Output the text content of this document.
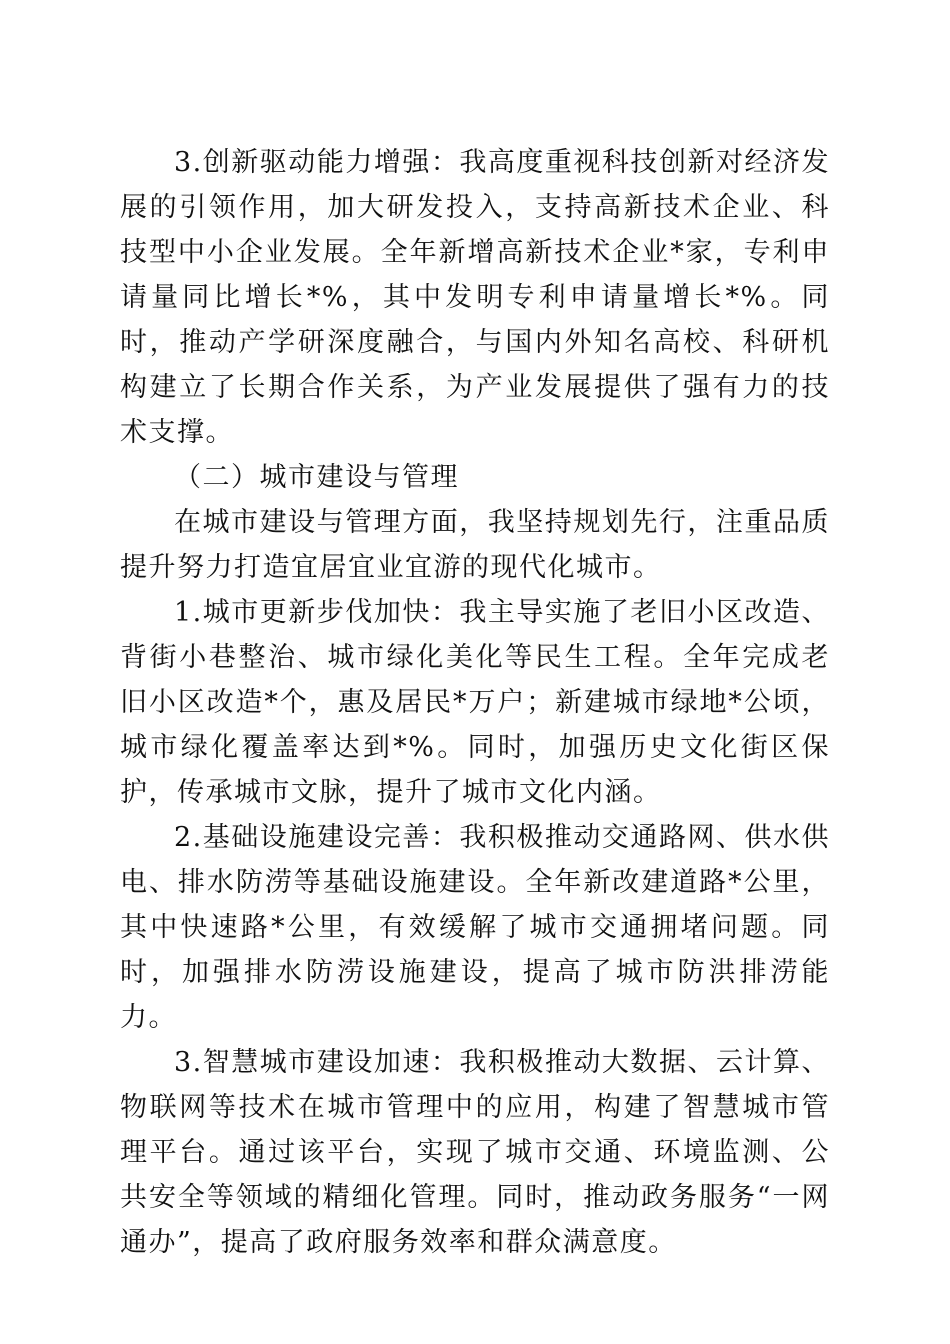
3.创新驱动能力增强：我高度重视科技创新对经济发展的引领作用，加大研发投入，支持高新技术企业、科技型中小企业发展。全年新增高新技术企业*家，专利申请量同比增长*%，其中发明专利申请量增长*%。同时，推动产学研深度融合，与国内外知名高校、科研机构建立了长期合作关系，为产业发展提供了强有力的技术支撑。

（二）城市建设与管理

在城市建设与管理方面，我坚持规划先行，注重品质提升努力打造宜居宜业宜游的现代化城市。

1.城市更新步伐加快：我主导实施了老旧小区改造、背街小巷整治、城市绿化美化等民生工程。全年完成老旧小区改造*个，惠及居民*万户；新建城市绿地*公顷，城市绿化覆盖率达到*%。同时，加强历史文化街区保护，传承城市文脉，提升了城市文化内涵。

2.基础设施建设完善：我积极推动交通路网、供水供电、排水防涝等基础设施建设。全年新改建道路*公里，其中快速路*公里，有效缓解了城市交通拥堵问题。同时，加强排水防涝设施建设，提高了城市防洪排涝能力。

3.智慧城市建设加速：我积极推动大数据、云计算、物联网等技术在城市管理中的应用，构建了智慧城市管理平台。通过该平台，实现了城市交通、环境监测、公共安全等领域的精细化管理。同时，推动政务服务“一网通办”，提高了政府服务效率和群众满意度。
